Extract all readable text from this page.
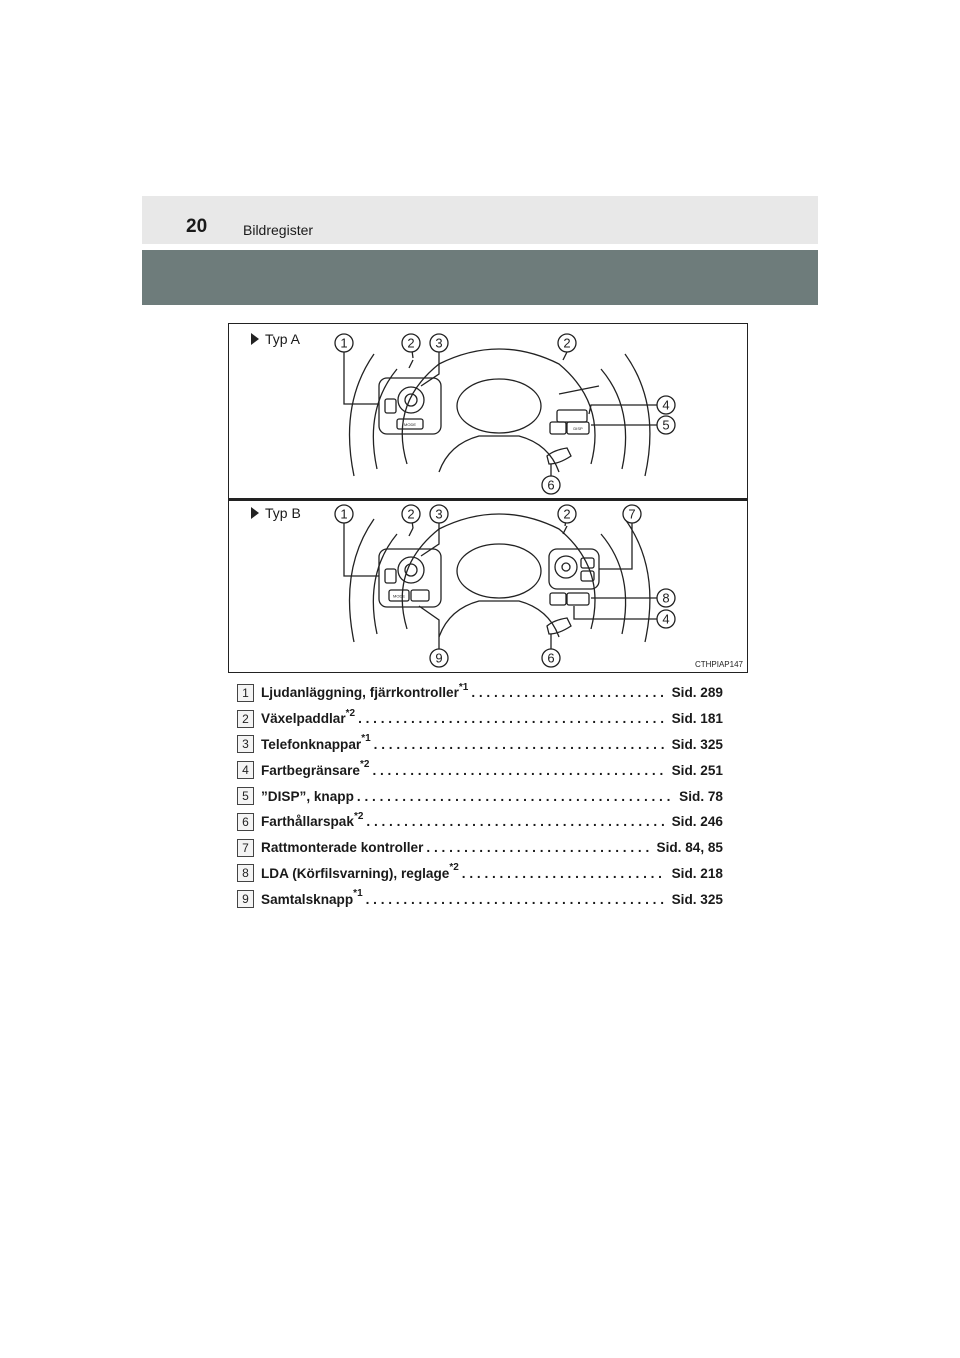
20	Bildregister
1	2 3	2
4
5
6
1	2 3	2	7
8
4
9	6
MODE
DISP
MODE
Typ A
Typ B
CTHPIAP147
1 Ljudanläggning, fjärrkontroller$^{*1}$ . . .	Sid. 289
2 Växelpaddlar$^{*2}$ . . .	Sid. 181
3 Telefonknappar$^{*1}$ . . .	Sid. 325
4 Fartbegränsare$^{*2}$ . . .	Sid. 251
5 ”DISP”, knapp . . .	Sid. 78
6 Farthållarspak$^{*2}$ . . .	Sid. 246
7 Rattmonterade kontroller . . .	Sid. 84, 85
8 LDA (Körfilsvarning), reglage$^{*2}$ . . .	Sid. 218
9 Samtalsknapp$^{*1}$ . . .	Sid. 325
